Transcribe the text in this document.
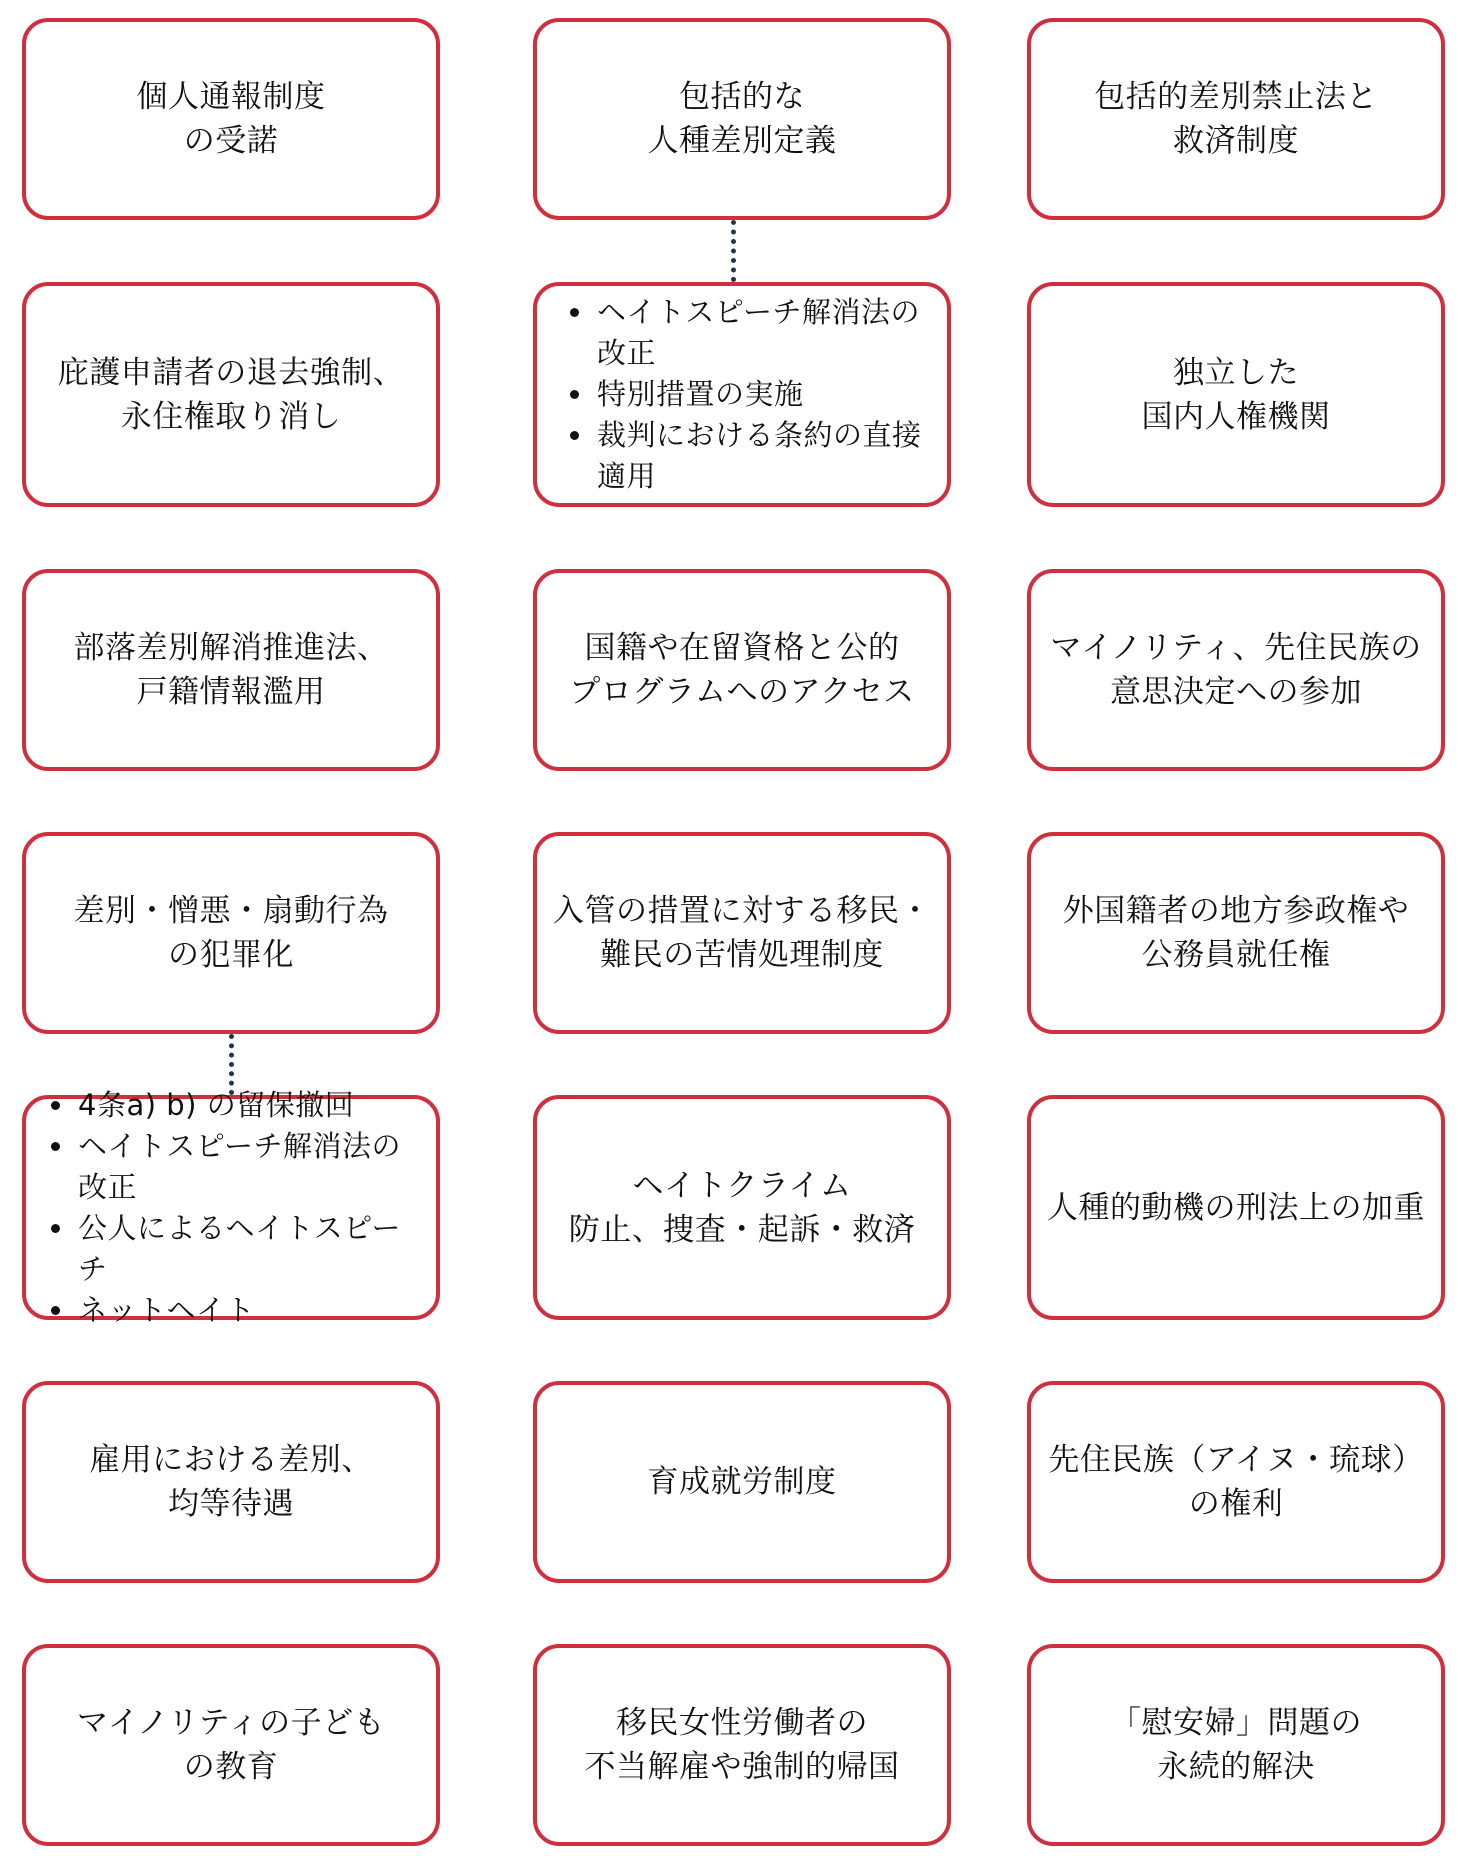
個人通報制度
の受諾
包括的な
人種差別定義
包括的差別禁止法と
救済制度
庇護申請者の退去強制、
永住権取り消し
• ヘイトスピーチ解消法の改正
• 特別措置の実施
• 裁判における条約の直接適用
独立した
国内人権機関
部落差別解消推進法、
戸籍情報濫用
国籍や在留資格と公的
プログラムへのアクセス
マイノリティ、先住民族の
意思決定への参加
差別・憎悪・扇動行為
の犯罪化
入管の措置に対する移民・
難民の苦情処理制度
外国籍者の地方参政権や
公務員就任権
• 4条a) b) の留保撤回
• ヘイトスピーチ解消法の改正
• 公人によるヘイトスピーチ
• ネットヘイト
ヘイトクライム
防止、捜査・起訴・救済
人種的動機の刑法上の加重
雇用における差別、
均等待遇
育成就労制度
先住民族（アイヌ・琉球）
の権利
マイノリティの子ども
の教育
移民女性労働者の
不当解雇や強制的帰国
「慰安婦」問題の
永続的解決
